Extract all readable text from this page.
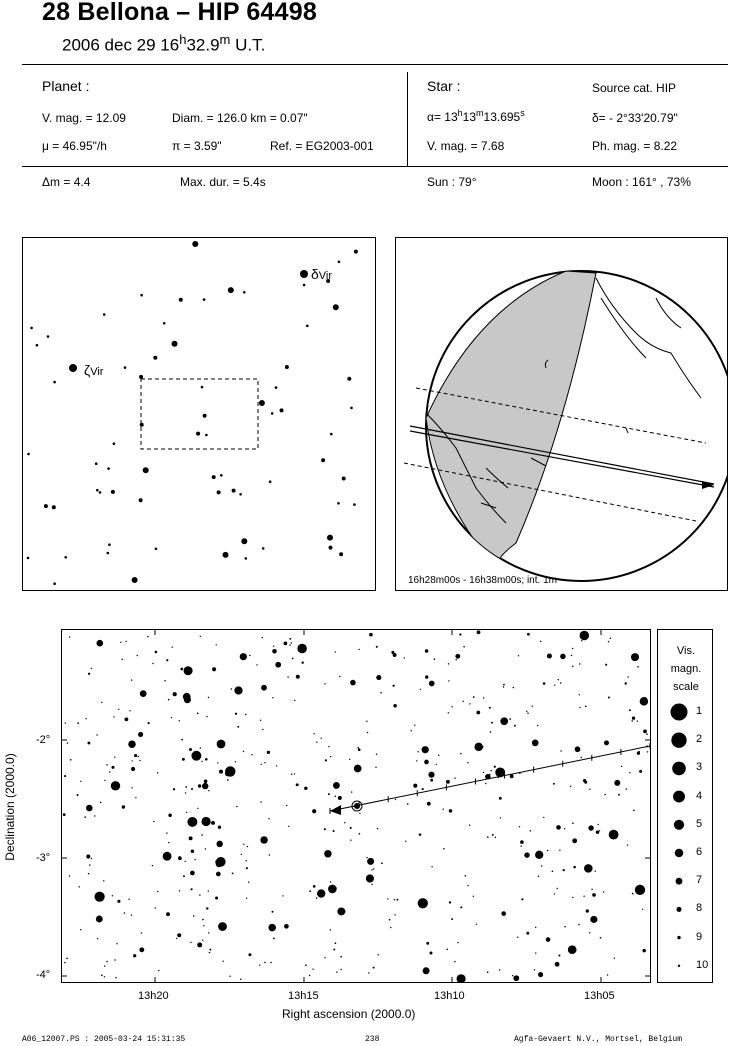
28 Bellona – HIP 64498
2006 dec 29 16$^h$32.9$^m$ U.T.
Planet :
V. mag. = 12.09	Diam. = 126.0 km = 0.07"
μ = 46.95"/h	π = 3.59"	Ref. = EG2003-001
Star :	Source cat. HIP
$\alpha= 13^h13^m13.695^s$	δ= - 2°33'20.79"
V. mag. = 7.68	Ph. mag. = 8.22
Δm = 4.4	Max. dur. = 5.4s	Sun : 79°	Moon : 161° , 73%
δVir
ζVir
16h28m00s - 16h38m00s; int. 1m
13h20	13h15	13h10	13h05
Right ascension (2000.0)
-2°
-3°
-4°
Declination (2000.0)
Vis.
magn.
scale
1
2
3
4
5
6
7
8
9
10
A06_12007.PS : 2005-03-24 15:31:35	238	Agfa-Gevaert N.V., Mortsel, Belgium
